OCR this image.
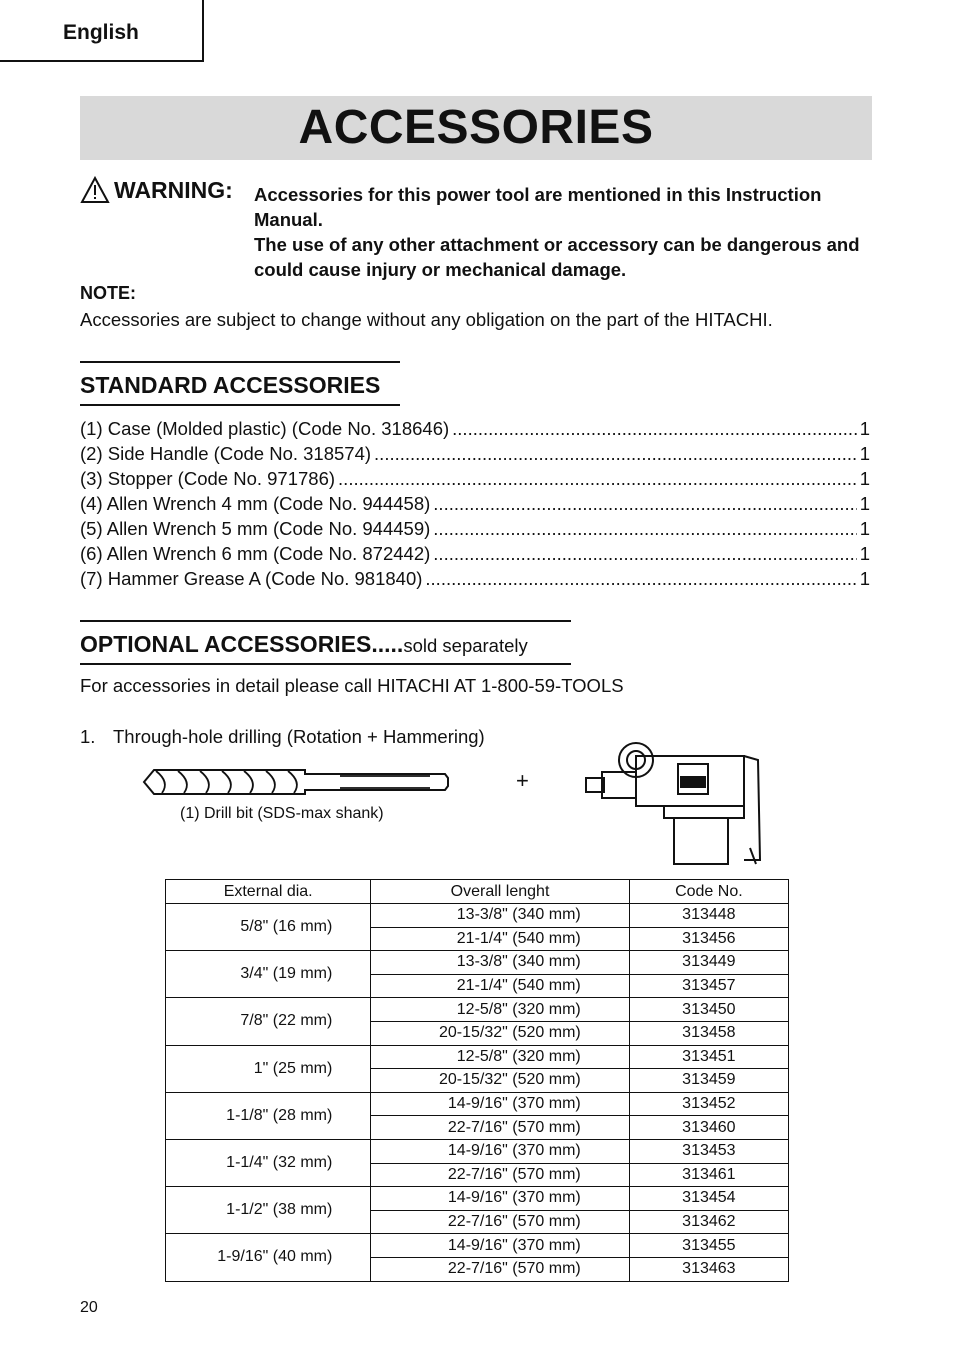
English
ACCESSORIES
WARNING: Accessories for this power tool are mentioned in this Instruction Manual.

The use of any other attachment or accessory can be dangerous and could cause injury or mechanical damage.

NOTE:
Accessories are subject to change without any obligation on the part of the HITACHI.
STANDARD ACCESSORIES
(1) Case (Molded plastic) (Code No. 318646) .....	1
(2) Side Handle (Code No. 318574) .....	1
(3) Stopper (Code No. 971786) .....	1
(4) Allen Wrench 4 mm (Code No. 944458) .....	1
(5) Allen Wrench 5 mm (Code No. 944459) .....	1
(6) Allen Wrench 6 mm (Code No. 872442) .....	1
(7) Hammer Grease A (Code No. 981840) .....	1
OPTIONAL ACCESSORIES.....sold separately
For accessories in detail please call HITACHI AT 1-800-59-TOOLS
1. Through-hole drilling (Rotation + Hammering)
+
(1) Drill bit (SDS-max shank)
External dia.	Overall lenght	Code No.
5/8" (16 mm)	13-3/8" (340 mm)	313448
	21-1/4" (540 mm)	313456
3/4" (19 mm)	13-3/8" (340 mm)	313449
	21-1/4" (540 mm)	313457
7/8" (22 mm)	12-5/8" (320 mm)	313450
	20-15/32" (520 mm)	313458
1" (25 mm)	12-5/8" (320 mm)	313451
	20-15/32" (520 mm)	313459
1-1/8" (28 mm)	14-9/16" (370 mm)	313452
	22-7/16" (570 mm)	313460
1-1/4" (32 mm)	14-9/16" (370 mm)	313453
	22-7/16" (570 mm)	313461
1-1/2" (38 mm)	14-9/16" (370 mm)	313454
	22-7/16" (570 mm)	313462
1-9/16" (40 mm)	14-9/16" (370 mm)	313455
	22-7/16" (570 mm)	313463
20
